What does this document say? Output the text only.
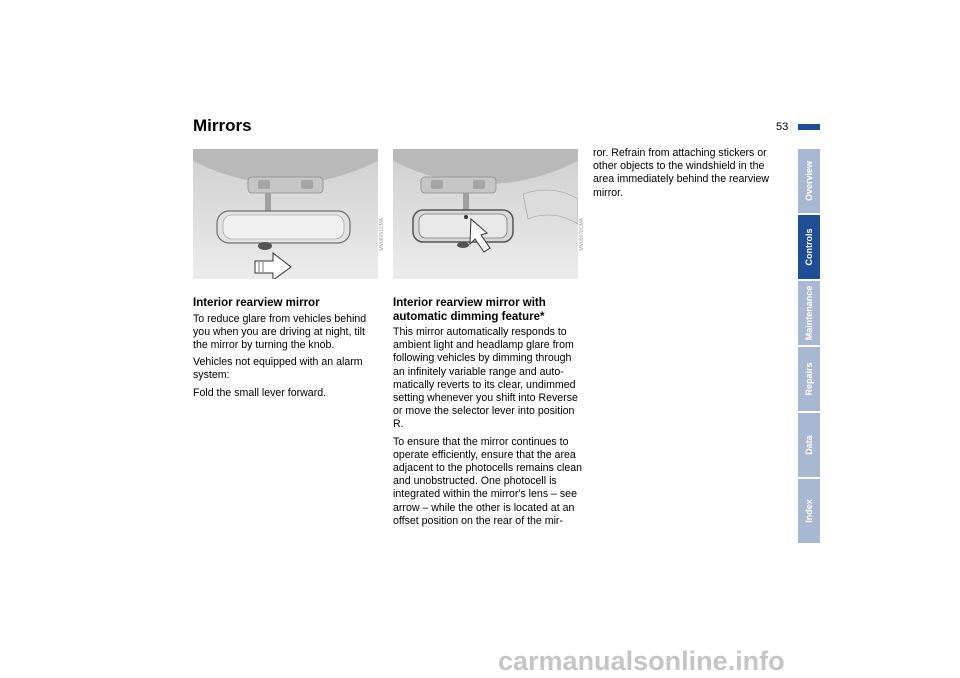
Mirrors	53
Overview
Controls
Maintenance
Repairs
Data
Index
MV06051CMA	MV05076CMA
Interior rearview mirror

To reduce glare from vehicles behind you when you are driving at night, tilt the mirror by turning the knob.

Vehicles not equipped with an alarm system:

Fold the small lever forward.

Interior rearview mirror with automatic dimming feature*

This mirror automatically responds to ambient light and headlamp glare from following vehicles by dimming through an infinitely variable range and auto-matically reverts to its clear, undimmed setting whenever you shift into Reverse or move the selector lever into position R.

To ensure that the mirror continues to operate efficiently, ensure that the area adjacent to the photocells remains clean and unobstructed. One photocell is integrated within the mirror's lens – see arrow – while the other is located at an offset position on the rear of the mir-

ror. Refrain from attaching stickers or other objects to the windshield in the area immediately behind the rearview mirror.

carmanualsonline.info
